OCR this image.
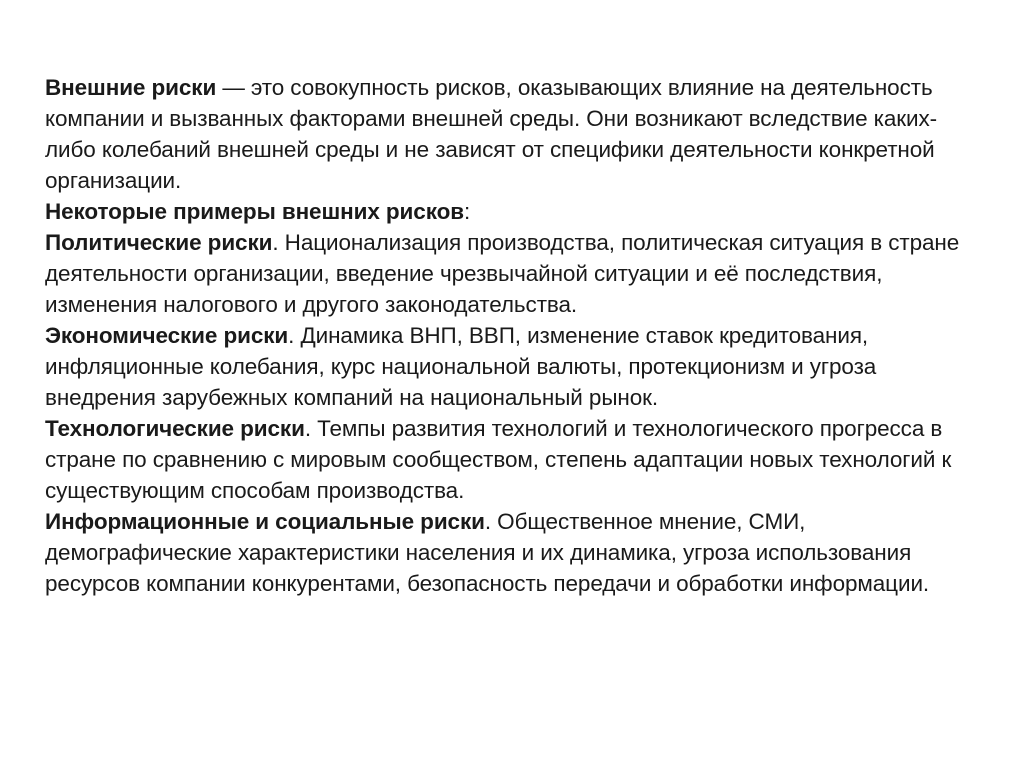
Внешние риски — это совокупность рисков, оказывающих влияние на деятельность компании и вызванных факторами внешней среды. Они возникают вследствие каких-либо колебаний внешней среды и не зависят от специфики деятельности конкретной организации.

Некоторые примеры внешних рисков:

Политические риски. Национализация производства, политическая ситуация в стране деятельности организации, введение чрезвычайной ситуации и её последствия, изменения налогового и другого законодательства.

Экономические риски. Динамика ВНП, ВВП, изменение ставок кредитования, инфляционные колебания, курс национальной валюты, протекционизм и угроза внедрения зарубежных компаний на национальный рынок.

Технологические риски. Темпы развития технологий и технологического прогресса в стране по сравнению с мировым сообществом, степень адаптации новых технологий к существующим способам производства.

Информационные и социальные риски. Общественное мнение, СМИ, демографические характеристики населения и их динамика, угроза использования ресурсов компании конкурентами, безопасность передачи и обработки информации.
